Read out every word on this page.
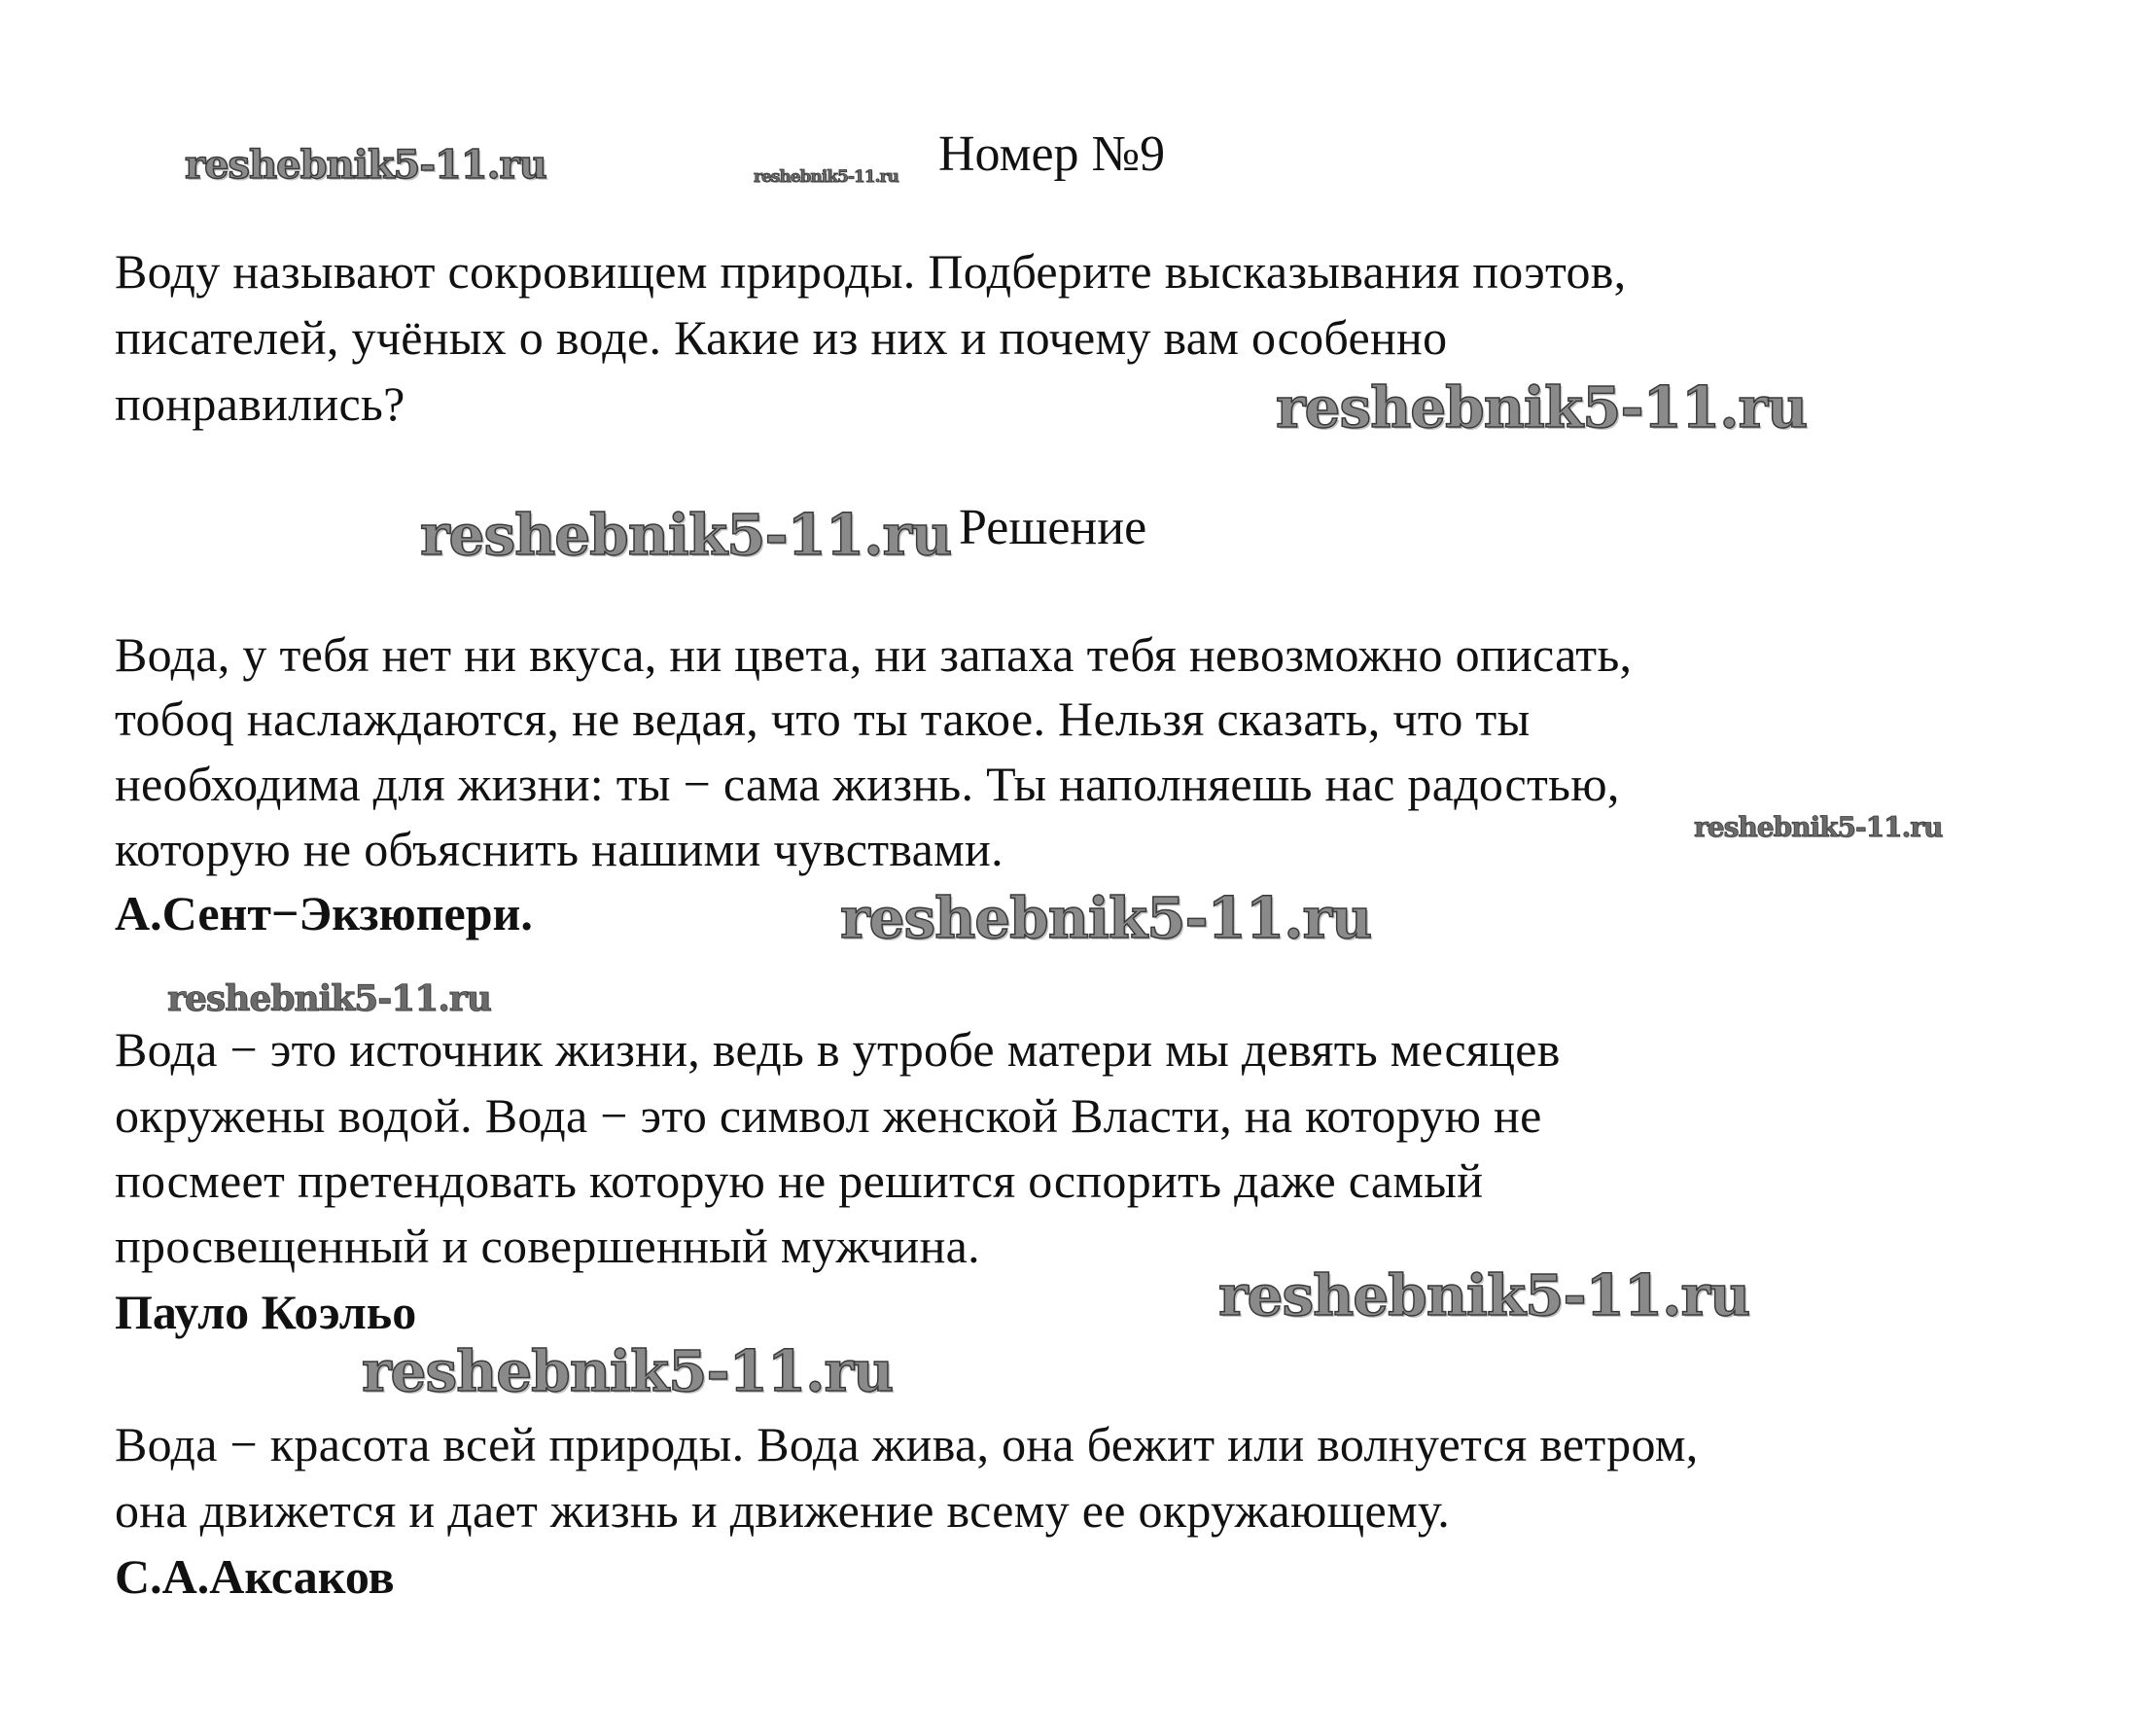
reshebnik5-11.ru	reshebnik5-11.ru
reshebnik5-11.ru
reshebnik5-11.ru
reshebnik5-11.ru
reshebnik5-11.ru
reshebnik5-11.ru
reshebnik5-11.ru
reshebnik5-11.ru
Номер №9
Воду называют сокровищем природы. Подберите высказывания поэтов,
писателей, учёных о воде. Какие из них и почему вам особенно
понравились?
Решение
Вода, у тебя нет ни вкуса, ни цвета, ни запаха тебя невозможно описать,
тобоq наслаждаются, не ведая, что ты такое. Нельзя сказать, что ты
необходима для жизни: ты − сама жизнь. Ты наполняешь нас радостью,
которую не объяснить нашими чувствами.
А.Сент−Экзюпери.
Вода − это источник жизни, ведь в утробе матери мы девять месяцев
окружены водой. Вода − это символ женской Власти, на которую не
посмеет претендовать которую не решится оспорить даже самый
просвещенный и совершенный мужчина.
Пауло Коэльо
Вода − красота всей природы. Вода жива, она бежит или волнуется ветром,
она движется и дает жизнь и движение всему ее окружающему.
С.А.Аксаков
